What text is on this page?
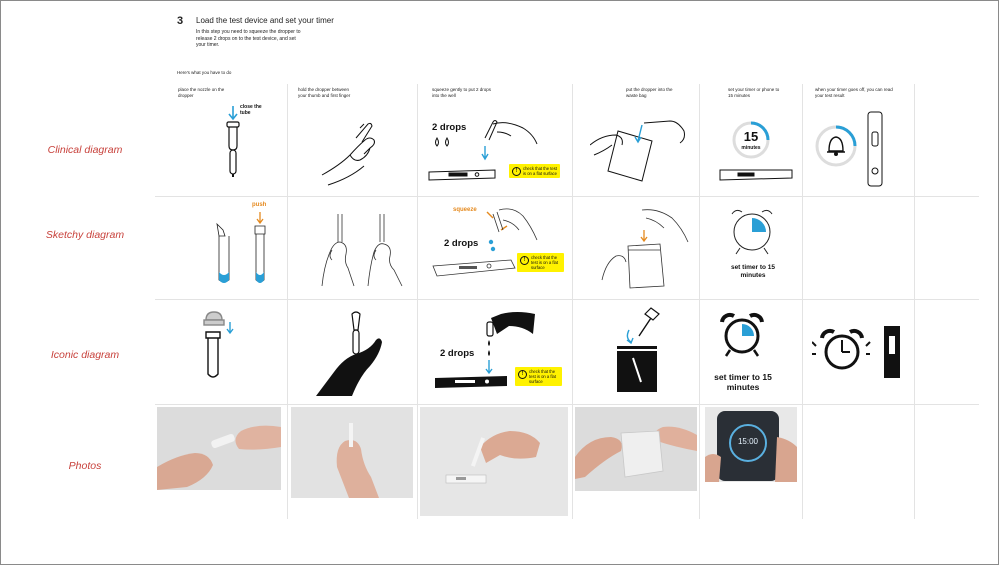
3 Load the test device and set your timer
In this step you need to squeeze the dropper to release 2 drops on to the test device, and set your timer.
Here's what you have to do
Clinical diagram
Sketchy diagram
Iconic diagram
Photos
place the nozzle on the dropper
hold the dropper between your thumb and first finger
squeeze gently to put 2 drops into the well
put the dropper into the waste bag
set your timer or phone to 15 minutes
when your timer goes off, you can read your test result
close the tube
2 drops
!	check that the test is on a flat surface
15
minutes
push
squeeze
2 drops
!	check that the test is on a flat surface	set timer to 15 minutes
2 drops
!	check that the test is on a flat surface	set timer to 15 minutes
15:00
